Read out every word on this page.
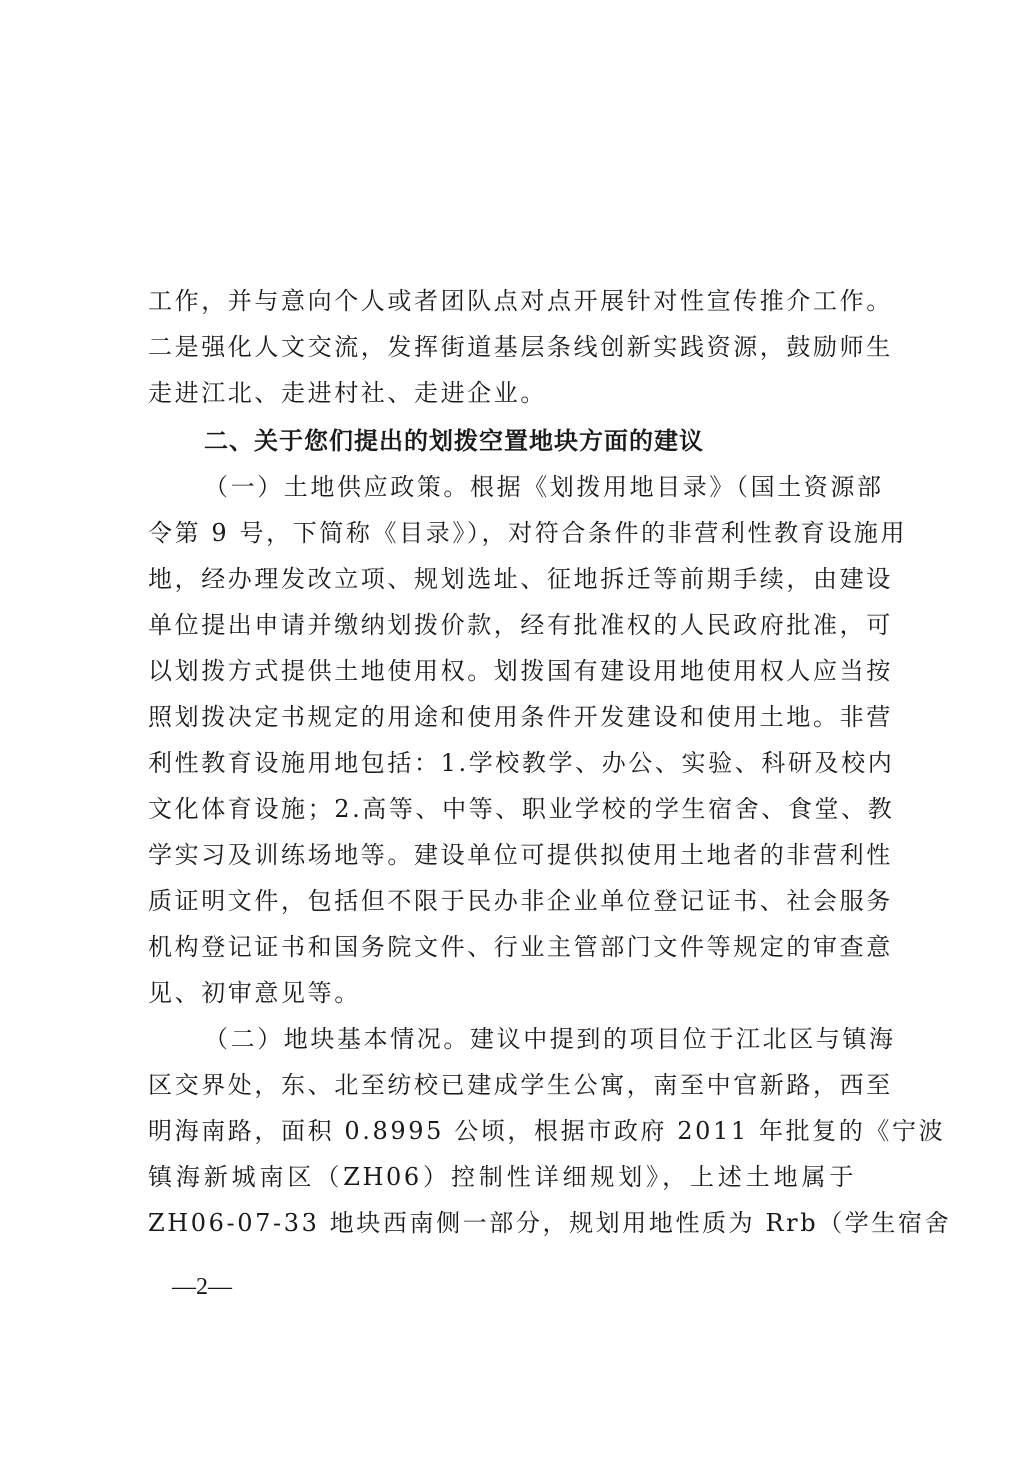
工作，并与意向个人或者团队点对点开展针对性宣传推介工作。
二是强化人文交流，发挥街道基层条线创新实践资源，鼓励师生
走进江北、走进村社、走进企业。
二、关于您们提出的划拨空置地块方面的建议
（一）土地供应政策。根据《划拨用地目录》（国土资源部
令第 9 号，下简称《目录》），对符合条件的非营利性教育设施用
地，经办理发改立项、规划选址、征地拆迁等前期手续，由建设
单位提出申请并缴纳划拨价款，经有批准权的人民政府批准，可
以划拨方式提供土地使用权。划拨国有建设用地使用权人应当按
照划拨决定书规定的用途和使用条件开发建设和使用土地。非营
利性教育设施用地包括：1.学校教学、办公、实验、科研及校内
文化体育设施；2.高等、中等、职业学校的学生宿舍、食堂、教
学实习及训练场地等。建设单位可提供拟使用土地者的非营利性
质证明文件，包括但不限于民办非企业单位登记证书、社会服务
机构登记证书和国务院文件、行业主管部门文件等规定的审查意
见、初审意见等。
（二）地块基本情况。建议中提到的项目位于江北区与镇海
区交界处，东、北至纺校已建成学生公寓，南至中官新路，西至
明海南路，面积 0.8995 公顷，根据市政府 2011 年批复的《宁波
镇海新城南区（ZH06）控制性详细规划》，上述土地属于
ZH06-07-33 地块西南侧一部分，规划用地性质为 Rrb（学生宿舍
—2—
